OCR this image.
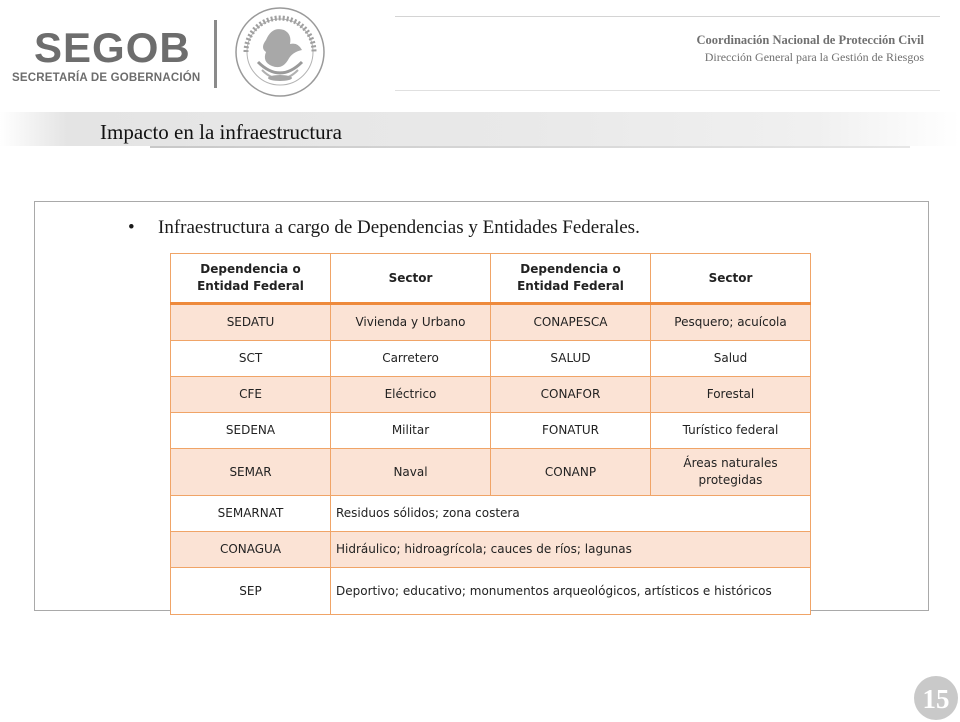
SEGOB
SECRETARÍA DE GOBERNACIÓN
Coordinación Nacional de Protección Civil
Dirección General para la Gestión de Riesgos
Impacto en la infraestructura
• Infraestructura a cargo de Dependencias y Entidades Federales.
Dependencia o Entidad Federal	Sector	Dependencia o Entidad Federal	Sector
SEDATU	Vivienda y Urbano	CONAPESCA	Pesquero; acuícola
SCT	Carretero	SALUD	Salud
CFE	Eléctrico	CONAFOR	Forestal
SEDENA	Militar	FONATUR	Turístico federal
SEMAR	Naval	CONANP	Áreas naturales protegidas
SEMARNAT	Residuos sólidos; zona costera		
CONAGUA	Hidráulico; hidroagrícola; cauces de ríos; lagunas		
SEP	Deportivo; educativo; monumentos arqueológicos, artísticos e históricos		
15
